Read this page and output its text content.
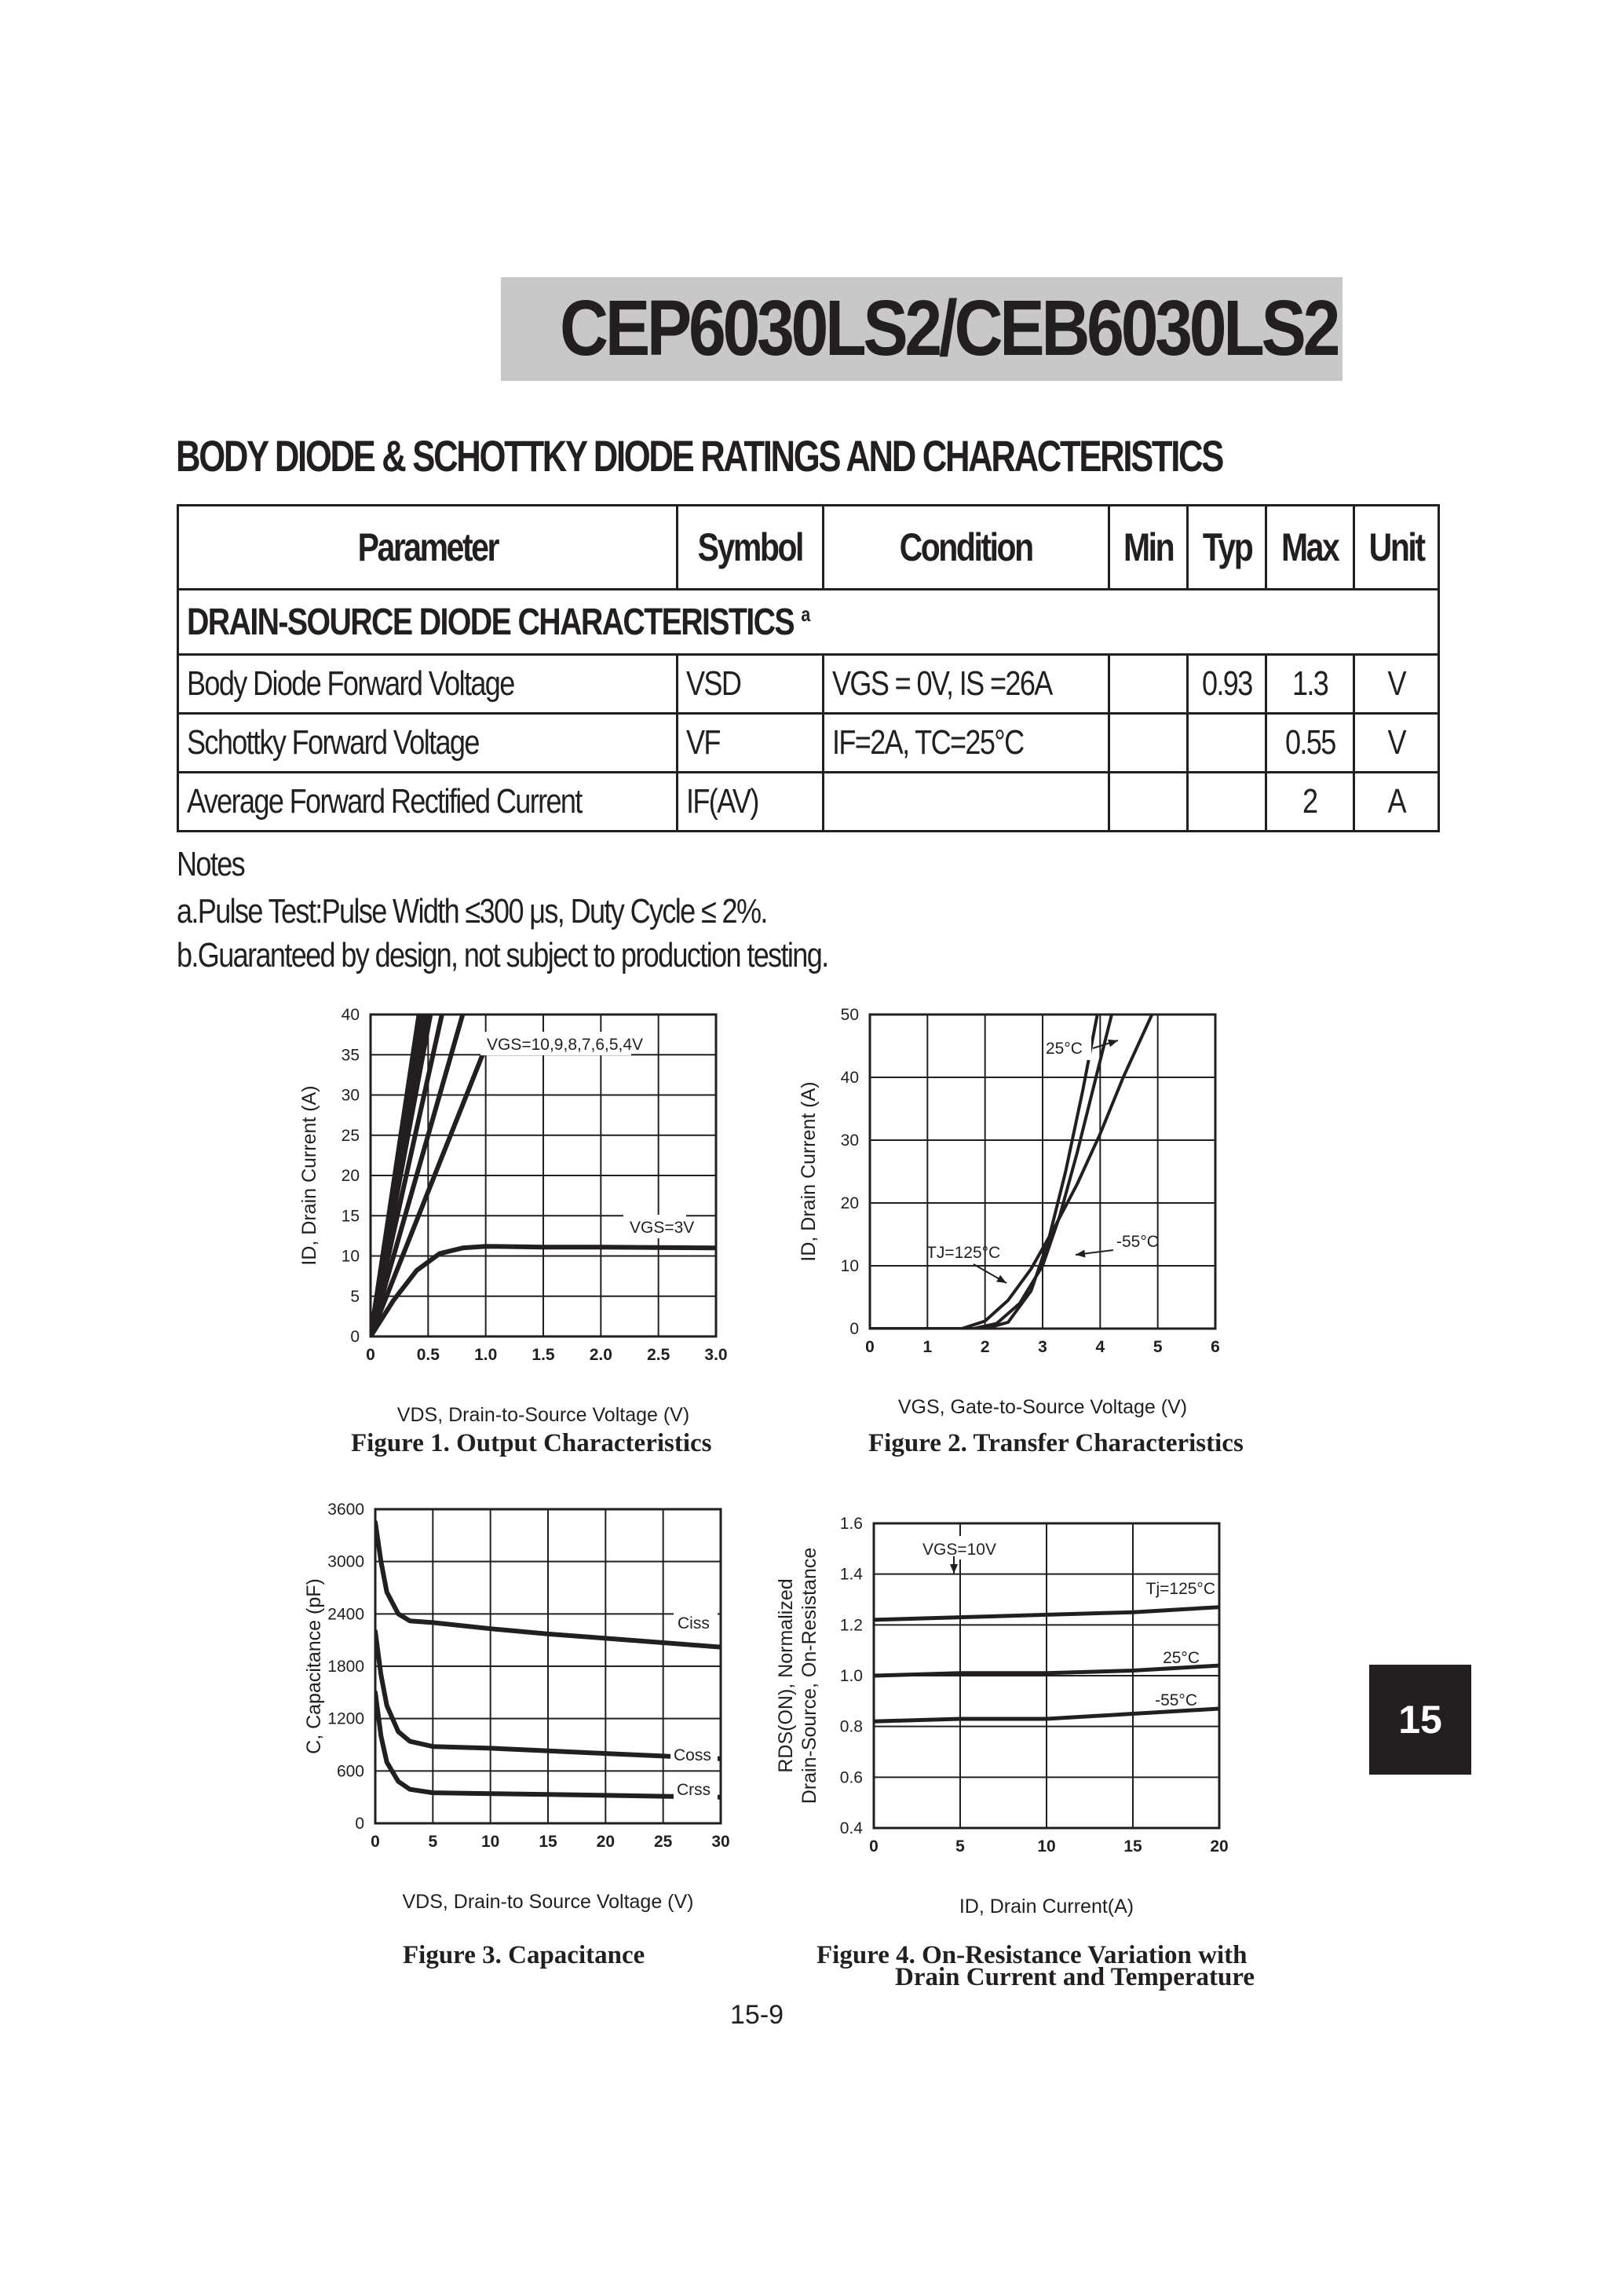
CEP6030LS2/CEB6030LS2
BODY DIODE & SCHOTTKY DIODE RATINGS AND CHARACTERISTICS
Parameter	Symbol	Condition	Min	Typ	Max	Unit
DRAIN-SOURCE DIODE CHARACTERISTICS $^a$
Body Diode Forward Voltage	VSD	VGS = 0V, IS =26A		0.93	1.3	V
Schottky Forward Voltage	VF	IF=2A, TC=25°C			0.55	V
Average Forward Rectified Current	IF(AV)				2	A
Notes
a.Pulse Test:Pulse Width ≤300 μs, Duty Cycle ≤ 2%.
b.Guaranteed by design, not subject to production testing.
0	0.5 1.0 1.5 2.0 2.5 3.0
0
5
10
15
20
25
30
35
40
VDS, Drain-to-Source Voltage (V)
ID, Drain Current (A)
VGS=10,9,8,7,6,5,4V
VGS=3V
Figure 1. Output Characteristics
0	1	2	3	4	5	6
0
10
20
30
40
50
VGS, Gate-to-Source Voltage (V)
ID, Drain Current (A)
25°C
TJ=125°C
-55°C
Figure 2. Transfer Characteristics
0	5	10 15 20 25 30
0
600
1200
1800
2400
3000
3600
VDS, Drain-to Source Voltage (V)
C, Capacitance (pF)	Ciss
Coss
Crss
Figure 3. Capacitance
0	5	10	15	20
0.4
0.6
0.8
1.0
1.2
1.4
1.6
ID, Drain Current(A)
RDS(ON), Normalized Drain-Source, On-Resistance	VGS=10V
Tj=125°C
25°C
-55°C
Figure 4. On-Resistance Variation with
Drain Current and Temperature
15-9
15
